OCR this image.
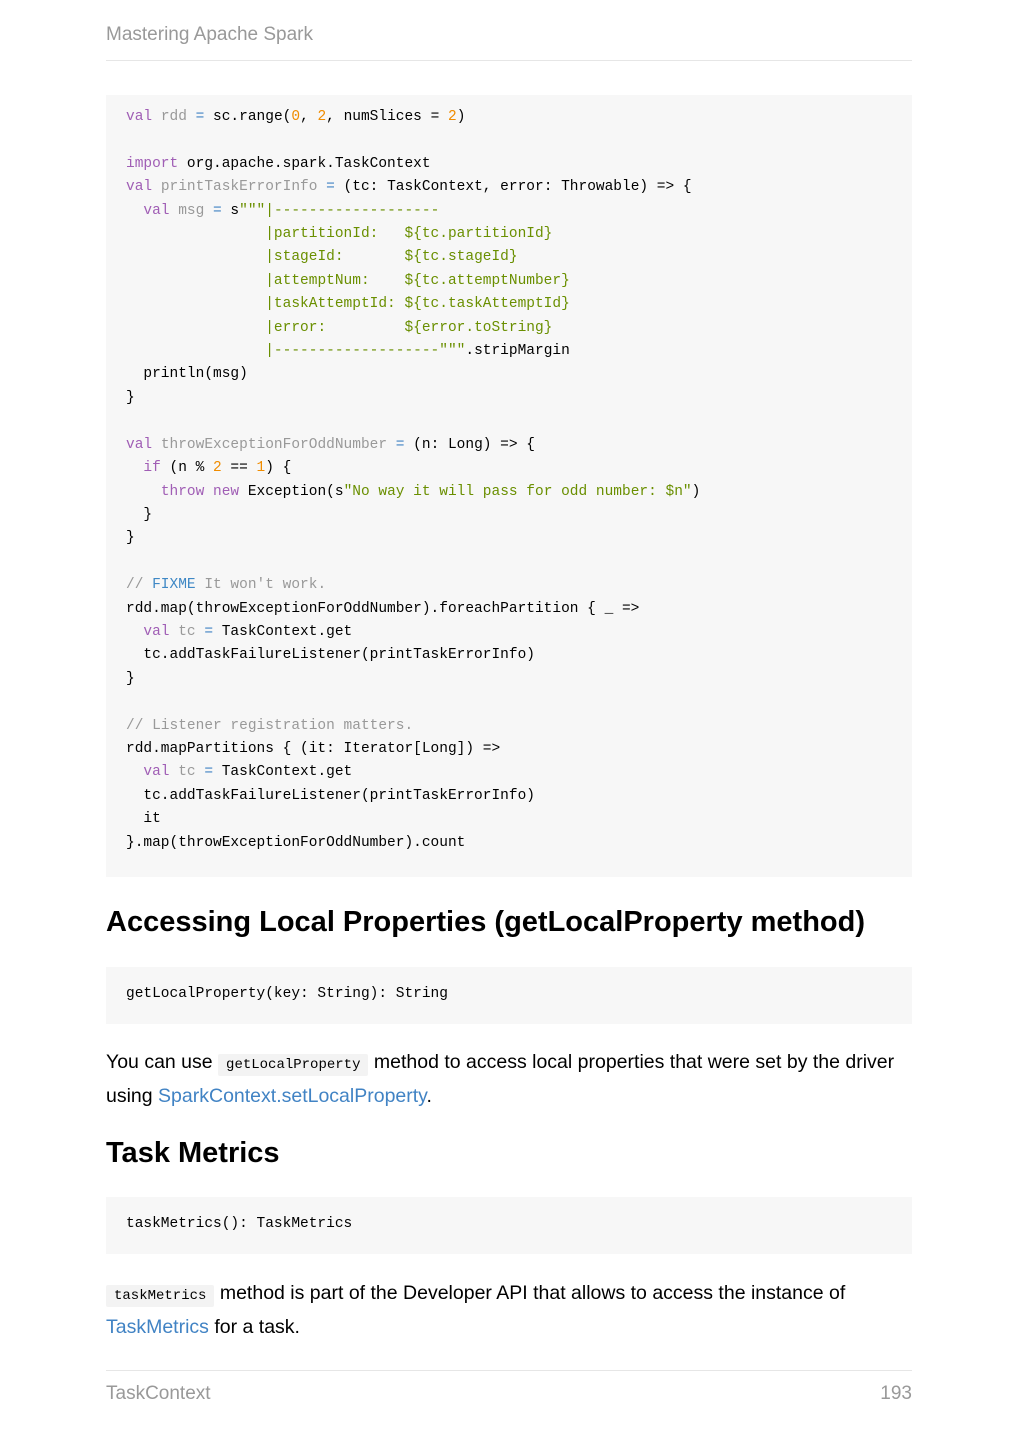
Mastering Apache Spark
val rdd = sc.range(0, 2, numSlices = 2)

import org.apache.spark.TaskContext
val printTaskErrorInfo = (tc: TaskContext, error: Throwable) => {
val msg = s"""|-------------------
|partitionId:   ${tc.partitionId}
|stageId:       ${tc.stageId}
|attemptNum:    ${tc.attemptNumber}
|taskAttemptId: ${tc.taskAttemptId}
|error:         ${error.toString}
|-------------------""".stripMargin
println(msg)
}

val throwExceptionForOddNumber = (n: Long) => {
if (n % 2 == 1) {
throw new Exception(s"No way it will pass for odd number: $n")
}
}

// FIXME It won't work.
rdd.map(throwExceptionForOddNumber).foreachPartition { _ =>
val tc = TaskContext.get
tc.addTaskFailureListener(printTaskErrorInfo)
}

// Listener registration matters.
rdd.mapPartitions { (it: Iterator[Long]) =>
val tc = TaskContext.get
tc.addTaskFailureListener(printTaskErrorInfo)
it
}.map(throwExceptionForOddNumber).count
Accessing Local Properties (getLocalProperty method)
getLocalProperty(key: String): String

You can use getLocalProperty method to access local properties that were set by the driver using SparkContext.setLocalProperty.

Task Metrics
taskMetrics(): TaskMetrics

taskMetrics method is part of the Developer API that allows to access the instance of TaskMetrics for a task.

TaskContext	193
